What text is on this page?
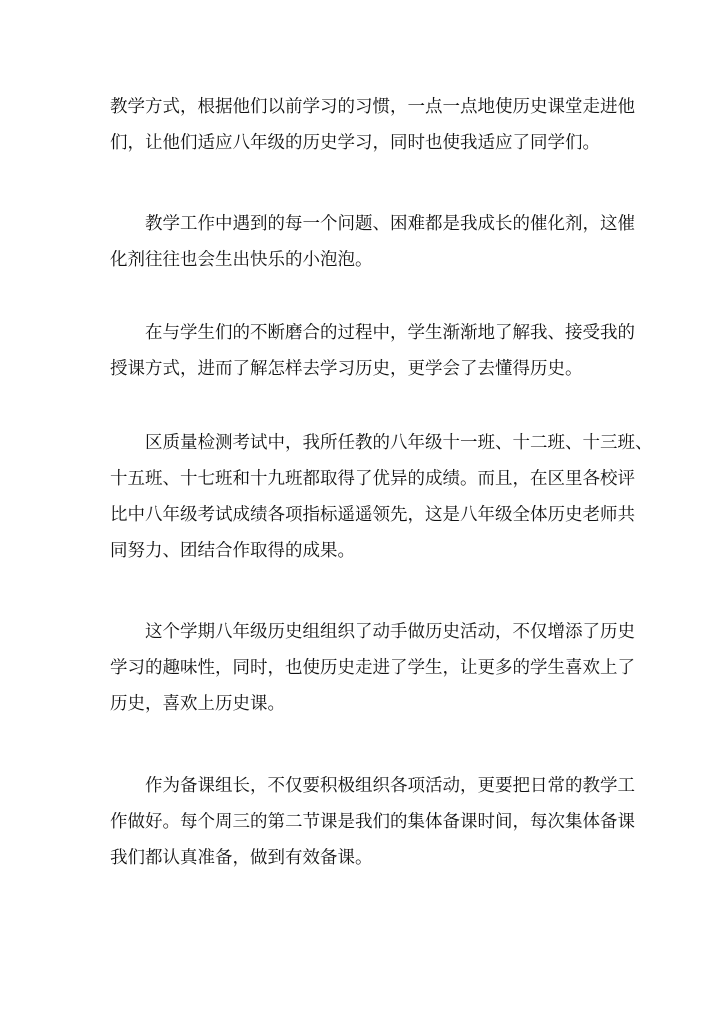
教学方式，根据他们以前学习的习惯，一点一点地使历史课堂走进他
们，让他们适应八年级的历史学习，同时也使我适应了同学们。

教学工作中遇到的每一个问题、困难都是我成长的催化剂，这催
化剂往往也会生出快乐的小泡泡。

在与学生们的不断磨合的过程中，学生渐渐地了解我、接受我的
授课方式，进而了解怎样去学习历史，更学会了去懂得历史。

区质量检测考试中，我所任教的八年级十一班、十二班、十三班、
十五班、十七班和十九班都取得了优异的成绩。而且，在区里各校评
比中八年级考试成绩各项指标遥遥领先，这是八年级全体历史老师共
同努力、团结合作取得的成果。

这个学期八年级历史组组织了动手做历史活动，不仅增添了历史
学习的趣味性，同时，也使历史走进了学生，让更多的学生喜欢上了
历史，喜欢上历史课。

作为备课组长，不仅要积极组织各项活动，更要把日常的教学工
作做好。每个周三的第二节课是我们的集体备课时间，每次集体备课
我们都认真准备，做到有效备课。
